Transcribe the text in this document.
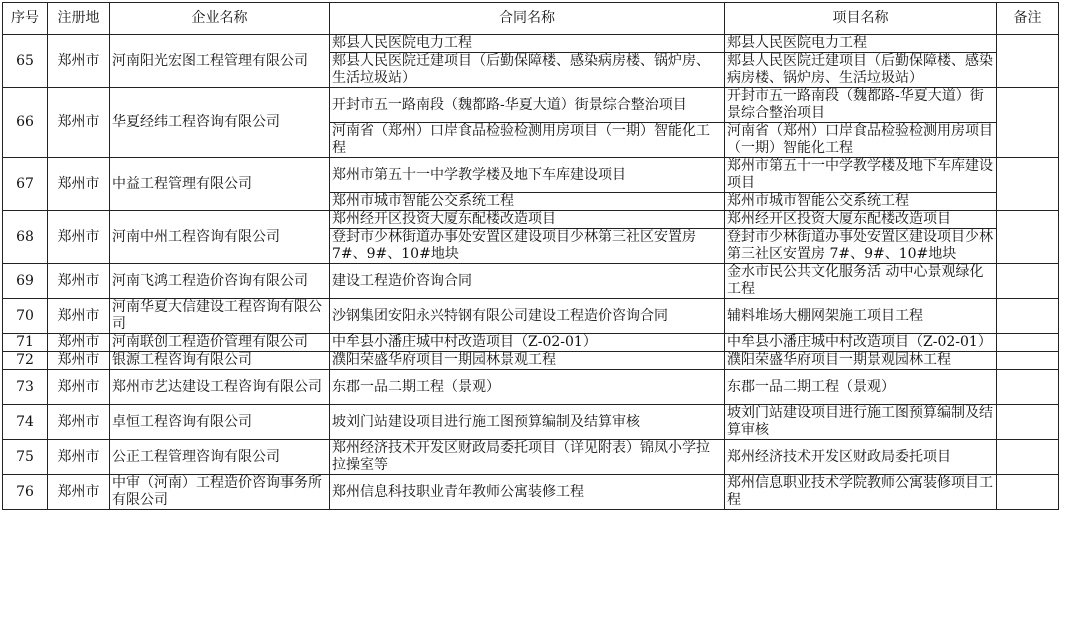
序号	注册地	企业名称	合同名称	项目名称	备注
65	郑州市	河南阳光宏图工程管理有限公司	郏县人民医院电力工程	郏县人民医院电力工程	
			郏县人民医院迁建项目（后勤保障楼、感染病房楼、锅炉房、生活垃圾站）	郏县人民医院迁建项目（后勤保障楼、感染病房楼、锅炉房、生活垃圾站）	
66	郑州市	华夏经纬工程咨询有限公司	开封市五一路南段（魏都路-华夏大道）街景综合整治项目	开封市五一路南段（魏都路-华夏大道）街景综合整治项目	
			河南省（郑州）口岸食品检验检测用房项目（一期）智能化工程	河南省（郑州）口岸食品检验检测用房项目（一期）智能化工程	
67	郑州市	中益工程管理有限公司	郑州市第五十一中学教学楼及地下车库建设项目	郑州市第五十一中学教学楼及地下车库建设项目	
			郑州市城市智能公交系统工程	郑州市城市智能公交系统工程	
68	郑州市	河南中州工程咨询有限公司	郑州经开区投资大厦东配楼改造项目	郑州经开区投资大厦东配楼改造项目	
			登封市少林街道办事处安置区建设项目少林第三社区安置房7#、9#、10#地块	登封市少林街道办事处安置区建设项目少林第三社区安置房 7#、9#、10#地块	
69	郑州市	河南飞鸿工程造价咨询有限公司	建设工程造价咨询合同	金水市民公共文化服务活 动中心景观绿化工程	
70	郑州市	河南华夏大信建设工程咨询有限公司	沙钢集团安阳永兴特钢有限公司建设工程造价咨询合同	辅料堆场大棚网架施工项目工程	
71	郑州市	河南联创工程造价管理有限公司	中牟县小潘庄城中村改造项目（Z-02-01）	中牟县小潘庄城中村改造项目（Z-02-01）	
72	郑州市	银源工程咨询有限公司	濮阳荣盛华府项目一期园林景观工程	濮阳荣盛华府项目一期景观园林工程	
73	郑州市	郑州市艺达建设工程咨询有限公司	东郡一品二期工程（景观）	东郡一品二期工程（景观）	
74	郑州市	卓恒工程咨询有限公司	坡刘门站建设项目进行施工图预算编制及结算审核	坡刘门站建设项目进行施工图预算编制及结算审核	
75	郑州市	公正工程管理咨询有限公司	郑州经济技术开发区财政局委托项目（详见附表）锦凤小学拉拉操室等	郑州经济技术开发区财政局委托项目	
76	郑州市	中审（河南）工程造价咨询事务所有限公司	郑州信息科技职业青年教师公寓装修工程	郑州信息职业技术学院教师公寓装修项目工程	
